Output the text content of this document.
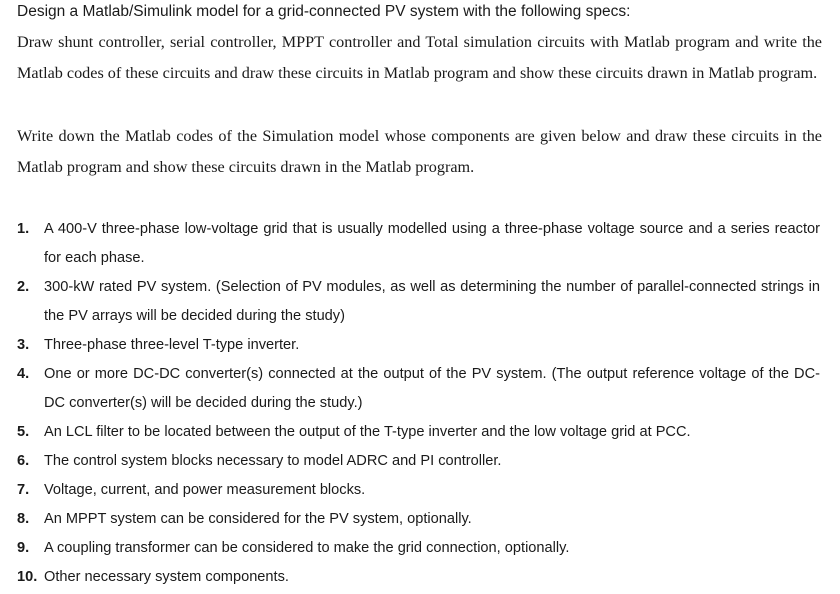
Design a Matlab/Simulink model for a grid-connected PV system with the following specs:

Draw shunt controller, serial controller, MPPT controller and Total simulation circuits with Matlab program and write the Matlab codes of these circuits and draw these circuits in Matlab program and show these circuits drawn in Matlab program.

Write down the Matlab codes of the Simulation model whose components are given below and draw these circuits in the Matlab program and show these circuits drawn in the Matlab program.

1. A 400-V three-phase low-voltage grid that is usually modelled using a three-phase voltage source and a series reactor for each phase.
2. 300-kW rated PV system. (Selection of PV modules, as well as determining the number of parallel-connected strings in the PV arrays will be decided during the study)
3. Three-phase three-level T-type inverter.
4. One or more DC-DC converter(s) connected at the output of the PV system. (The output reference voltage of the DC-DC converter(s) will be decided during the study.)
5. An LCL filter to be located between the output of the T-type inverter and the low voltage grid at PCC.
6. The control system blocks necessary to model ADRC and PI controller.
7. Voltage, current, and power measurement blocks.
8. An MPPT system can be considered for the PV system, optionally.
9. A coupling transformer can be considered to make the grid connection, optionally.
10. Other necessary system components.
